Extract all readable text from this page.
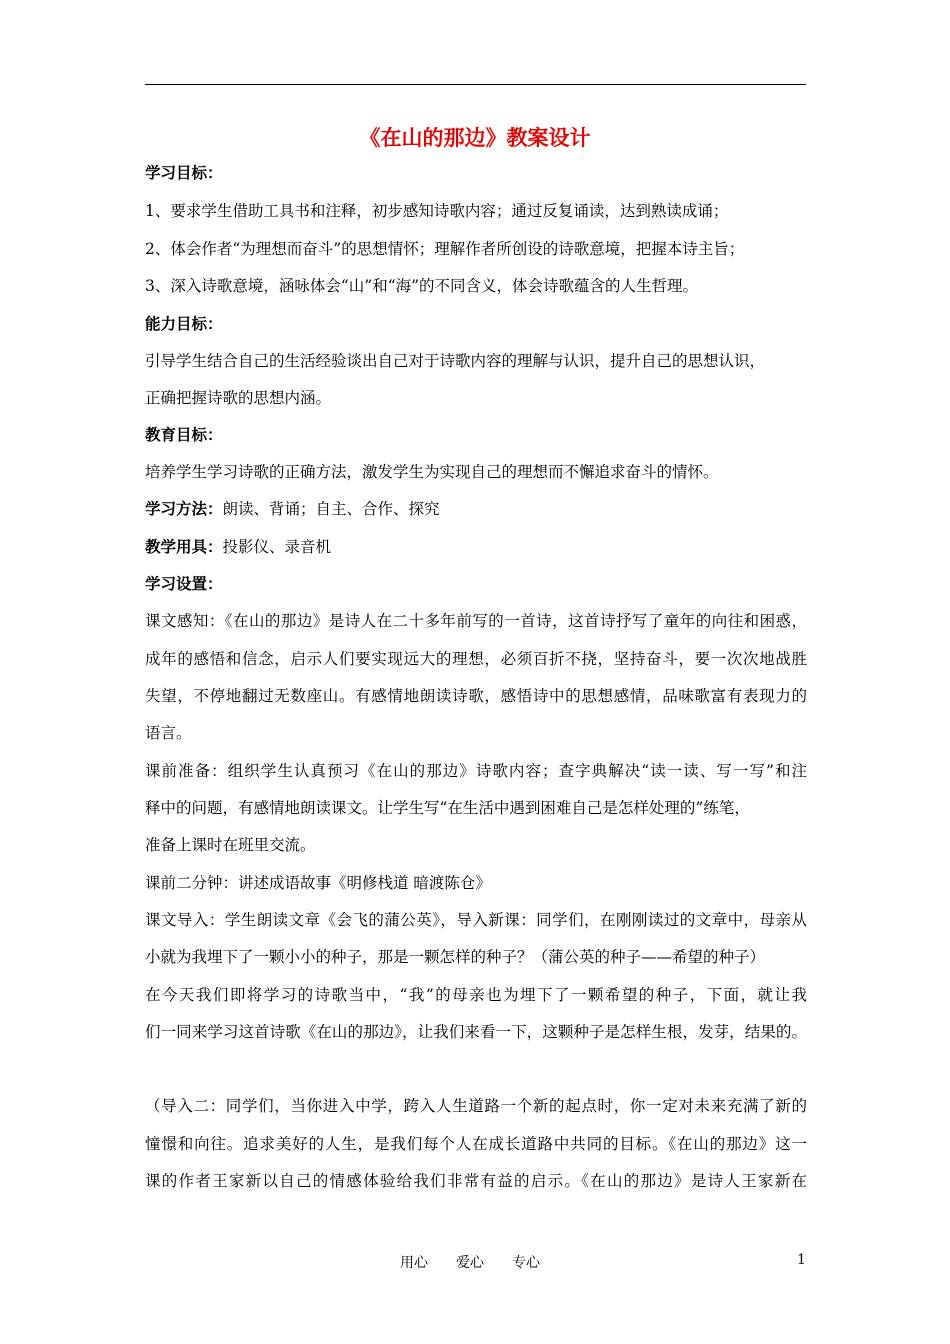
《在山的那边》教案设计
学习目标：
1、要求学生借助工具书和注释，初步感知诗歌内容；通过反复诵读，达到熟读成诵；
2、体会作者“为理想而奋斗”的思想情怀；理解作者所创设的诗歌意境，把握本诗主旨；
3、深入诗歌意境，涵咏体会“山”和“海”的不同含义，体会诗歌蕴含的人生哲理。
能力目标：
引导学生结合自己的生活经验谈出自己对于诗歌内容的理解与认识，提升自己的思想认识，
正确把握诗歌的思想内涵。
教育目标：
培养学生学习诗歌的正确方法，激发学生为实现自己的理想而不懈追求奋斗的情怀。
学习方法：朗读、背诵；自主、合作、探究
教学用具：投影仪、录音机
学习设置：
课文感知：《在山的那边》是诗人在二十多年前写的一首诗，这首诗抒写了童年的向往和困惑，
成年的感悟和信念，启示人们要实现远大的理想，必须百折不挠，坚持奋斗，要一次次地战胜
失望，不停地翻过无数座山。有感情地朗读诗歌，感悟诗中的思想感情，品味歌富有表现力的
语言。
课前准备：组织学生认真预习《在山的那边》诗歌内容；查字典解决“读一读、写一写”和注
释中的问题，有感情地朗读课文。让学生写“在生活中遇到困难自己是怎样处理的”练笔，
准备上课时在班里交流。
课前二分钟：讲述成语故事《明修栈道 暗渡陈仓》
课文导入：学生朗读文章《会飞的蒲公英》，导入新课：同学们，在刚刚读过的文章中，母亲从
小就为我埋下了一颗小小的种子，那是一颗怎样的种子？（蒲公英的种子——希望的种子）
在今天我们即将学习的诗歌当中，“我”的母亲也为埋下了一颗希望的种子，下面，就让我
们一同来学习这首诗歌《在山的那边》，让我们来看一下，这颗种子是怎样生根，发芽，结果的。
（导入二：同学们，当你进入中学，跨入人生道路一个新的起点时，你一定对未来充满了新的
憧憬和向往。追求美好的人生，是我们每个人在成长道路中共同的目标。《在山的那边》这一
课的作者王家新以自己的情感体验给我们非常有益的启示。《在山的那边》是诗人王家新在
用心 爱心 专心	1
